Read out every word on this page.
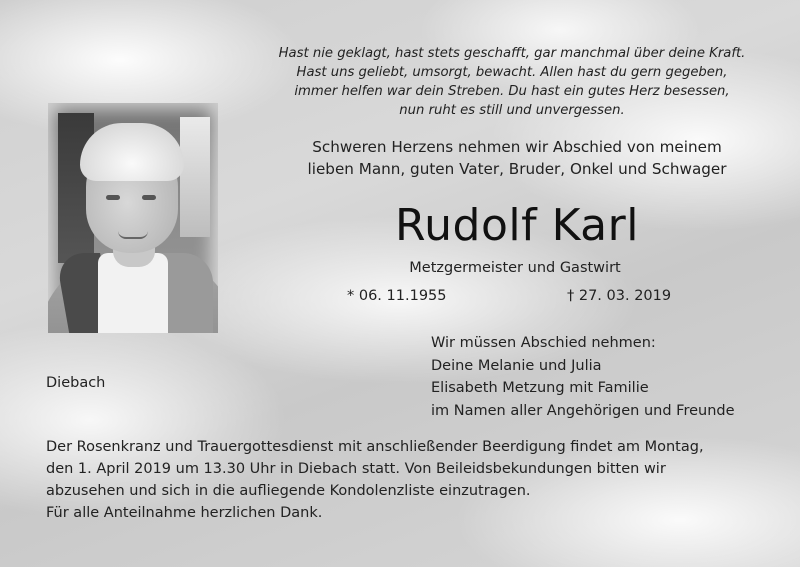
Hast nie geklagt, hast stets geschafft, gar manchmal über deine Kraft.
Hast uns geliebt, umsorgt, bewacht. Allen hast du gern gegeben,
immer helfen war dein Streben. Du hast ein gutes Herz besessen,
nun ruht es still und unvergessen.
Schweren Herzens nehmen wir Abschied von meinem
lieben Mann, guten Vater, Bruder, Onkel und Schwager
Rudolf Karl
Metzgermeister und Gastwirt
* 06. 11.1955	† 27. 03. 2019
Wir müssen Abschied nehmen:
Deine Melanie und Julia
Elisabeth Metzung mit Familie
im Namen aller Angehörigen und Freunde
Diebach
Der Rosenkranz und Trauergottesdienst mit anschließender Beerdigung findet am Montag,
den 1. April 2019 um 13.30 Uhr in Diebach statt. Von Beileidsbekundungen bitten wir
abzusehen und sich in die aufliegende Kondolenzliste einzutragen.
Für alle Anteilnahme herzlichen Dank.
